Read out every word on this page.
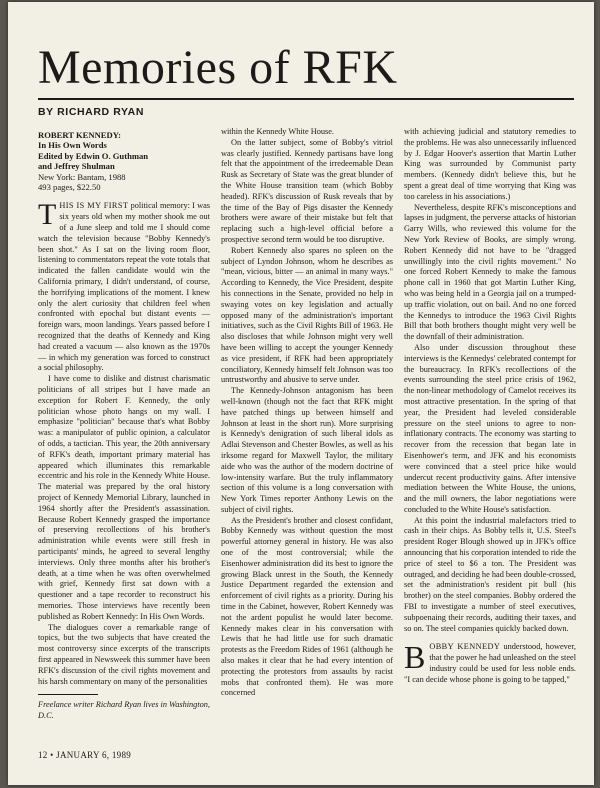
Memories of RFK
BY RICHARD RYAN
ROBERT KENNEDY:
In His Own Words
Edited by Edwin O. Guthman
and Jeffrey Shulman
New York: Bantam, 1988
493 pages, $22.50

THIS IS MY FIRST political memory: I was six years old when my mother shook me out of a June sleep and told me I should come watch the television because "Bobby Kennedy's been shot." As I sat on the living room floor, listening to commentators repeat the vote totals that indicated the fallen candidate would win the California primary, I didn't understand, of course, the horrifying implications of the moment. I knew only the alert curiosity that children feel when confronted with epochal but distant events — foreign wars, moon landings. Years passed before I recognized that the deaths of Kennedy and King had created a vacuum — also known as the 1970s — in which my generation was forced to construct a social philosophy.

I have come to dislike and distrust charismatic politicians of all stripes but I have made an exception for Robert F. Kennedy, the only politician whose photo hangs on my wall. I emphasize "politician" because that's what Bobby was: a manipulator of public opinion, a calculator of odds, a tactician. This year, the 20th anniversary of RFK's death, important primary material has appeared which illuminates this remarkable eccentric and his role in the Kennedy White House. The material was prepared by the oral history project of Kennedy Memorial Library, launched in 1964 shortly after the President's assassination. Because Robert Kennedy grasped the importance of preserving recollections of his brother's administration while events were still fresh in participants' minds, he agreed to several lengthy interviews. Only three months after his brother's death, at a time when he was often overwhelmed with grief, Kennedy first sat down with a questioner and a tape recorder to reconstruct his memories. Those interviews have recently been published as Robert Kennedy: In His Own Words.

The dialogues cover a remarkable range of topics, but the two subjects that have created the most controversy since excerpts of the transcripts first appeared in Newsweek this summer have been RFK's discussion of the civil rights movement and his harsh commentary on many of the personalities

Freelance writer Richard Ryan lives in Washington, D.C.

within the Kennedy White House.

On the latter subject, some of Bobby's vitriol was clearly justified. Kennedy partisans have long felt that the appointment of the irredeemable Dean Rusk as Secretary of State was the great blunder of the White House transition team (which Bobby headed). RFK's discussion of Rusk reveals that by the time of the Bay of Pigs disaster the Kennedy brothers were aware of their mistake but felt that replacing such a high-level official before a prospective second term would be too disruptive.

Robert Kennedy also spares no spleen on the subject of Lyndon Johnson, whom he describes as "mean, vicious, bitter — an animal in many ways." According to Kennedy, the Vice President, despite his connections in the Senate, provided no help in swaying votes on key legislation and actually opposed many of the administration's important initiatives, such as the Civil Rights Bill of 1963. He also discloses that while Johnson might very well have been willing to accept the younger Kennedy as vice president, if RFK had been appropriately conciliatory, Kennedy himself felt Johnson was too untrustworthy and abusive to serve under.

The Kennedy-Johnson antagonism has been well-known (though not the fact that RFK might have patched things up between himself and Johnson at least in the short run). More surprising is Kennedy's denigration of such liberal idols as Adlai Stevenson and Chester Bowles, as well as his irksome regard for Maxwell Taylor, the military aide who was the author of the modern doctrine of low-intensity warfare. But the truly inflammatory section of this volume is a long conversation with New York Times reporter Anthony Lewis on the subject of civil rights.

As the President's brother and closest confidant, Bobby Kennedy was without question the most powerful attorney general in history. He was also one of the most controversial; while the Eisenhower administration did its best to ignore the growing Black unrest in the South, the Kennedy Justice Department regarded the extension and enforcement of civil rights as a priority. During his time in the Cabinet, however, Robert Kennedy was not the ardent populist he would later become. Kennedy makes clear in his conversation with Lewis that he had little use for such dramatic protests as the Freedom Rides of 1961 (although he also makes it clear that he had every intention of protecting the protestors from assaults by racist mobs that confronted them). He was more concerned

with achieving judicial and statutory remedies to the problems. He was also unnecessarily influenced by J. Edgar Hoover's assertion that Martin Luther King was surrounded by Communist party members. (Kennedy didn't believe this, but he spent a great deal of time worrying that King was too careless in his associations.)

Nevertheless, despite RFK's misconceptions and lapses in judgment, the perverse attacks of historian Garry Wills, who reviewed this volume for the New York Review of Books, are simply wrong. Robert Kennedy did not have to be "dragged unwillingly into the civil rights movement." No one forced Robert Kennedy to make the famous phone call in 1960 that got Martin Luther King, who was being held in a Georgia jail on a trumped-up traffic violation, out on bail. And no one forced the Kennedys to introduce the 1963 Civil Rights Bill that both brothers thought might very well be the downfall of their administration.

Also under discussion throughout these interviews is the Kennedys' celebrated contempt for the bureaucracy. In RFK's recollections of the events surrounding the steel price crisis of 1962, the non-linear methodology of Camelot receives its most attractive presentation. In the spring of that year, the President had leveled considerable pressure on the steel unions to agree to non-inflationary contracts. The economy was starting to recover from the recession that began late in Eisenhower's term, and JFK and his economists were convinced that a steel price hike would undercut recent productivity gains. After intensive mediation between the White House, the unions, and the mill owners, the labor negotiations were concluded to the White House's satisfaction.

At this point the industrial malefactors tried to cash in their chips. As Bobby tells it, U.S. Steel's president Roger Blough showed up in JFK's office announcing that his corporation intended to ride the price of steel to $6 a ton. The President was outraged, and deciding he had been double-crossed, set the administration's resident pit bull (his brother) on the steel companies. Bobby ordered the FBI to investigate a number of steel executives, subpoenaing their records, auditing their taxes, and so on. The steel companies quickly backed down.

BOBBY KENNEDY understood, however, that the power he had unleashed on the steel industry could be used for less noble ends. "I can decide whose phone is going to be tapped,"

12 • JANUARY 6, 1989
